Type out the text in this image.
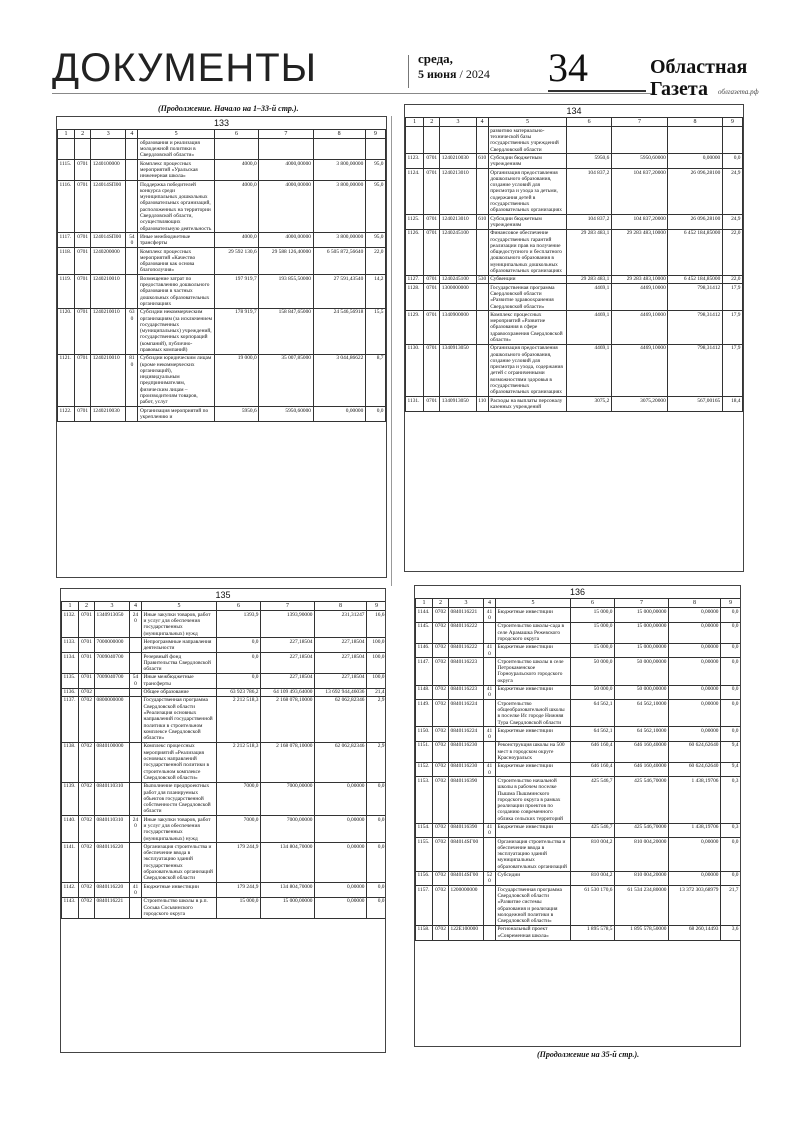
ДОКУМЕНТЫ	среда,
5 июня / 2024 34	Областная
Газета облгазета.рф
(Продолжение. Начало на 1–33-й стр.).
133
1	2	3	4	5	6	7	8	9
				образования и реализация молодежной политики в Свердловской области»				
1115.	0701	1240100000		Комплекс процессных мероприятий «Уральская инженерная школа»	4000,0	4000,00000	3 800,00000	95,0
1116.	0701	124014SП00		Поддержка победителей конкурса среди муниципальных дошкольных образовательных организаций, расположенных на территории Свердловской области, осуществляющих образовательную деятельность	4000,0	4000,00000	3 800,00000	95,0
1117.	0701	124014SП00	540	Иные межбюджетные трансферты	4000,0	4000,00000	3 800,00000	95,0
1118.	0701	1240200000		Комплекс процессных мероприятий «Качество образования как основа благополучия»	29 592 130,6	29 588 126,40000	6 505 872,56640	22,0
1119.	0701	1240210010		Возмещение затрат по предоставлению дошкольного образования в частных дошкольных образовательных организациях	197 919,7	193 855,50000	27 591,43540	14,2
1120.	0701	1240210010	630	Субсидии некоммерческим организациям (за исключением государственных (муниципальных) учреждений, государственных корпораций (компаний), публично-правовых компаний)	178 919,7	158 847,65000	24 546,56918	15,5
1121.	0701	1240210010	810	Субсидии юридическим лицам (кроме некоммерческих организаций), индивидуальным предпринимателям, физическим лицам – производителям товаров, работ, услуг	19 000,0	35 007,85000	3 044,86622	8,7
1122.	0701	1240210030		Организация мероприятий по укреплению и	5950,6	5950,60000	0,00000	0,0
134
1	2	3	4	5	6	7	8	9
				развитию материально-технической базы государственных учреждений Свердловской области				
1123.	0701	1240210030	610	Субсидии бюджетным учреждениям	5950,6	5950,60000	0,00000	0,0
1124.	0701	1240213010		Организация предоставления дошкольного образования, создание условий для присмотра и ухода за детьми, содержания детей в государственных образовательных организациях	104 837,2	104 837,20000	26 096,28100	24,9
1125.	0701	1240213010	610	Субсидии бюджетным учреждениям	104 837,2	104 837,20000	26 096,28100	24,9
1126.	0701	1240245100		Финансовое обеспечение государственных гарантий реализации прав на получение общедоступного и бесплатного дошкольного образования в муниципальных дошкольных образовательных организациях	29 283 483,1	29 283 483,10000	6 452 184,85000	22,0
1127.	0701	1240245100	530	Субвенции	29 283 483,1	29 283 483,10000	6 452 184,85000	22,0
1128.	0701	1300000000		Государственная программа Свердловской области «Развитие здравоохранения Свердловской области»	4469,1	4469,10000	798,31412	17,9
1129.	0701	1340900000		Комплекс процессных мероприятий «Развитие образования в сфере здравоохранения Свердловской области»	4469,1	4469,10000	798,31412	17,9
1130.	0701	1340913050		Организация предоставления дошкольного образования, создание условий для присмотра и ухода, содержания детей с ограниченными возможностями здоровья в государственных образовательных организациях	4469,1	4469,10000	798,31412	17,9
1131.	0701	1340913050	110	Расходы на выплаты персоналу казенных учреждений	3075,2	3075,20000	567,00165	18,4
135
1	2	3	4	5	6	7	8	9
1132.	0701	1340913050	240	Иные закупки товаров, работ и услуг для обеспечения государственных (муниципальных) нужд	1393,9	1393,90000	231,31247	16,6
1133.	0701	7000000000		Непрограммные направления деятельности	0,0	227,18504	227,18504	100,0
1134.	0701	7009040700		Резервный фонд Правительства Свердловской области	0,0	227,18504	227,18504	100,0
1135.	0701	7009040700	540	Иные межбюджетные трансферты	0,0	227,18504	227,18504	100,0
1136.	0702			Общее образование	63 923 786,2	64 109 493,64000	13 692 944,46036	21,4
1137.	0702	0800000000		Государственная программа Свердловской области «Реализация основных направлений государственной политики в строительном комплексе Свердловской области»	2 212 518,3	2 168 078,10000	62 062,82346	2,9
1138.	0702	0840100000		Комплекс процессных мероприятий «Реализация основных направлений государственной политики в строительном комплексе Свердловской области»	2 212 518,3	2 168 078,10000	62 062,82346	2,9
1139.	0702	0840110310		Выполнение предпроектных работ для планируемых объектов государственной собственности Свердловской области	7000,0	7000,00000	0,00000	0,0
1140.	0702	0840110310	240	Иные закупки товаров, работ и услуг для обеспечения государственных (муниципальных) нужд	7000,0	7000,00000	0,00000	0,0
1141.	0702	0840116220		Организация строительства и обеспечение ввода в эксплуатацию зданий государственных образовательных организаций Свердловской области	179 244,9	134 804,70000	0,00000	0,0
1142.	0702	0840116220	410	Бюджетные инвестиции	179 244,9	134 804,70000	0,00000	0,0
1143.	0702	0840116221		Строительство школы в р.п. Сосьва Сосьвинского городского округа	15 000,0	15 000,00000	0,00000	0,0
136
1	2	3	4	5	6	7	8	9
1144.	0702	0840116221	410	Бюджетные инвестиции	15 000,0	15 000,00000	0,00000	0,0
1145.	0702	0840116222		Строительство школы-сада в селе Арамашка Режевского городского округа	15 000,0	15 000,00000	0,00000	0,0
1146.	0702	0840116222	410	Бюджетные инвестиции	15 000,0	15 000,00000	0,00000	0,0
1147.	0702	0840116223		Строительство школы в селе Петрокаменское Горноуральского городского округа	50 000,0	50 000,00000	0,00000	0,0
1148.	0702	0840116223	410	Бюджетные инвестиции	50 000,0	50 000,00000	0,00000	0,0
1149.	0702	0840116224		Строительство общеобразовательной школы в поселке Ис городе Нижняя Тура Свердловской области	64 562,1	64 562,10000	0,00000	0,0
1150.	0702	0840116224	410	Бюджетные инвестиции	64 562,1	64 562,10000	0,00000	0,0
1151.	0702	0840116230		Реконструкция школы на 500 мест в городском округе Красноуральск	646 160,4	646 160,40000	60 624,62640	9,4
1152.	0702	0840116230	410	Бюджетные инвестиции	646 160,4	646 160,40000	60 624,62640	9,4
1153.	0702	0840116390		Строительство начальной школы в рабочем поселке Пышма Пышминского городского округа в рамках реализации проектов по созданию современного облика сельских территорий	425 546,7	425 546,70000	1 438,19706	0,3
1154.	0702	0840116390	410	Бюджетные инвестиции	425 546,7	425 546,70000	1 438,19706	0,3
1155.	0702	084014SГ00		Организация строительства и обеспечение ввода в эксплуатацию зданий муниципальных образовательных организаций	810 004,2	810 004,20000	0,00000	0,0
1156.	0702	084014SГ00	520	Субсидии	810 004,2	810 004,20000	0,00000	0,0
1157.	0702	1200000000		Государственная программа Свердловской области «Развитие системы образования и реализация молодежной политики в Свердловской области»	61 530 170,6	61 534 234,80000	13 372 303,68979	21,7
1158.	0702	122E100000		Региональный проект «Современная школа»	1 895 578,5	1 895 578,50000	68 260,14493	3,6
(Продолжение на 35-й стр.).
